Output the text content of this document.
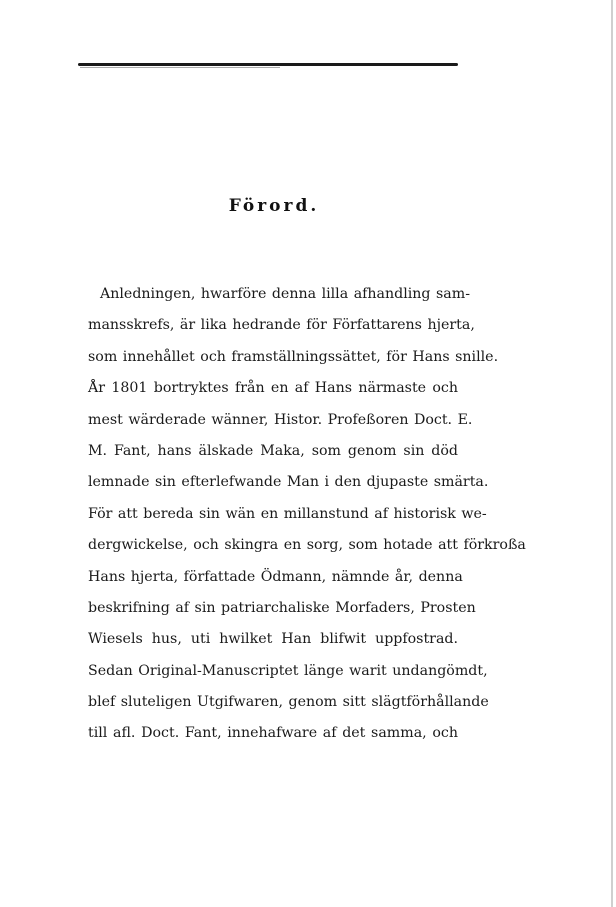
Förord.
Anledningen, hwarföre denna lilla afhandling sam-
mansskrefs, är lika hedrande för Författarens hjerta,
som innehållet och framställningssättet, för Hans snille.
År 1801 bortryktes från en af Hans närmaste och
mest wärderade wänner, Histor. Profeßoren Doct. E.
M. Fant, hans älskade Maka, som genom sin död
lemnade sin efterlefwande Man i den djupaste smärta.
För att bereda sin wän en millanstund af historisk we-
dergwickelse, och skingra en sorg, som hotade att förkroßa
Hans hjerta, författade Ödmann, nämnde år, denna
beskrifning af sin patriarchaliske Morfaders, Prosten
Wiesels hus, uti hwilket Han blifwit uppfostrad.
Sedan Original-Manuscriptet länge warit undangömdt,
blef sluteligen Utgifwaren, genom sitt slägtförhållande
till afl. Doct. Fant, innehafware af det samma, och
